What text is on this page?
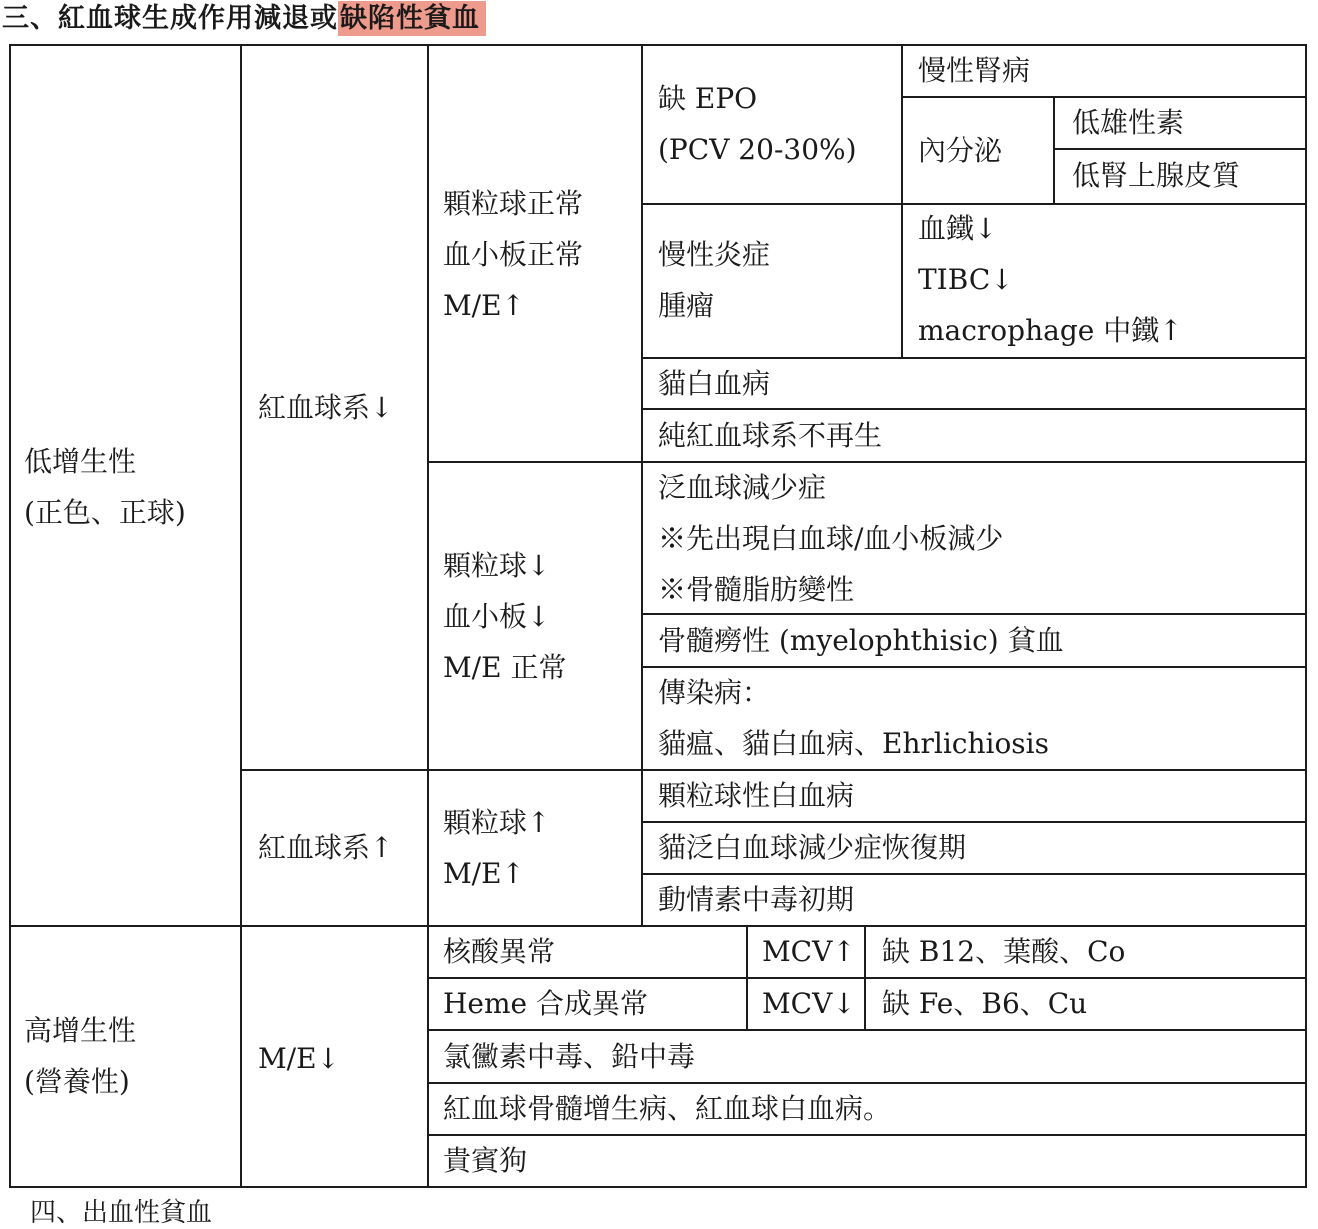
三、紅血球生成作用減退或缺陷性貧血
低增生性
(正色、正球)
高增生性
(營養性)
紅血球系↓
紅血球系↑
M/E↓
顆粒球正常
血小板正常
M/E↑
顆粒球↓
血小板↓
M/E 正常
顆粒球↑
M/E↑
缺 EPO
(PCV 20-30%)
慢性腎病
內分泌
低雄性素
低腎上腺皮質
慢性炎症
腫瘤
血鐵↓
TIBC↓
macrophage 中鐵↑
貓白血病
純紅血球系不再生
泛血球減少症
※先出現白血球/血小板減少
※骨髓脂肪變性
骨髓癆性 (myelophthisic) 貧血
傳染病：
貓瘟、貓白血病、Ehrlichiosis
顆粒球性白血病
貓泛白血球減少症恢復期
動情素中毒初期
核酸異常	MCV↑ 缺 B12、葉酸、Co
Heme 合成異常	MCV↓ 缺 Fe、B6、Cu
氯黴素中毒、鉛中毒
紅血球骨髓增生病、紅血球白血病。
貴賓狗
四、出血性貧血
